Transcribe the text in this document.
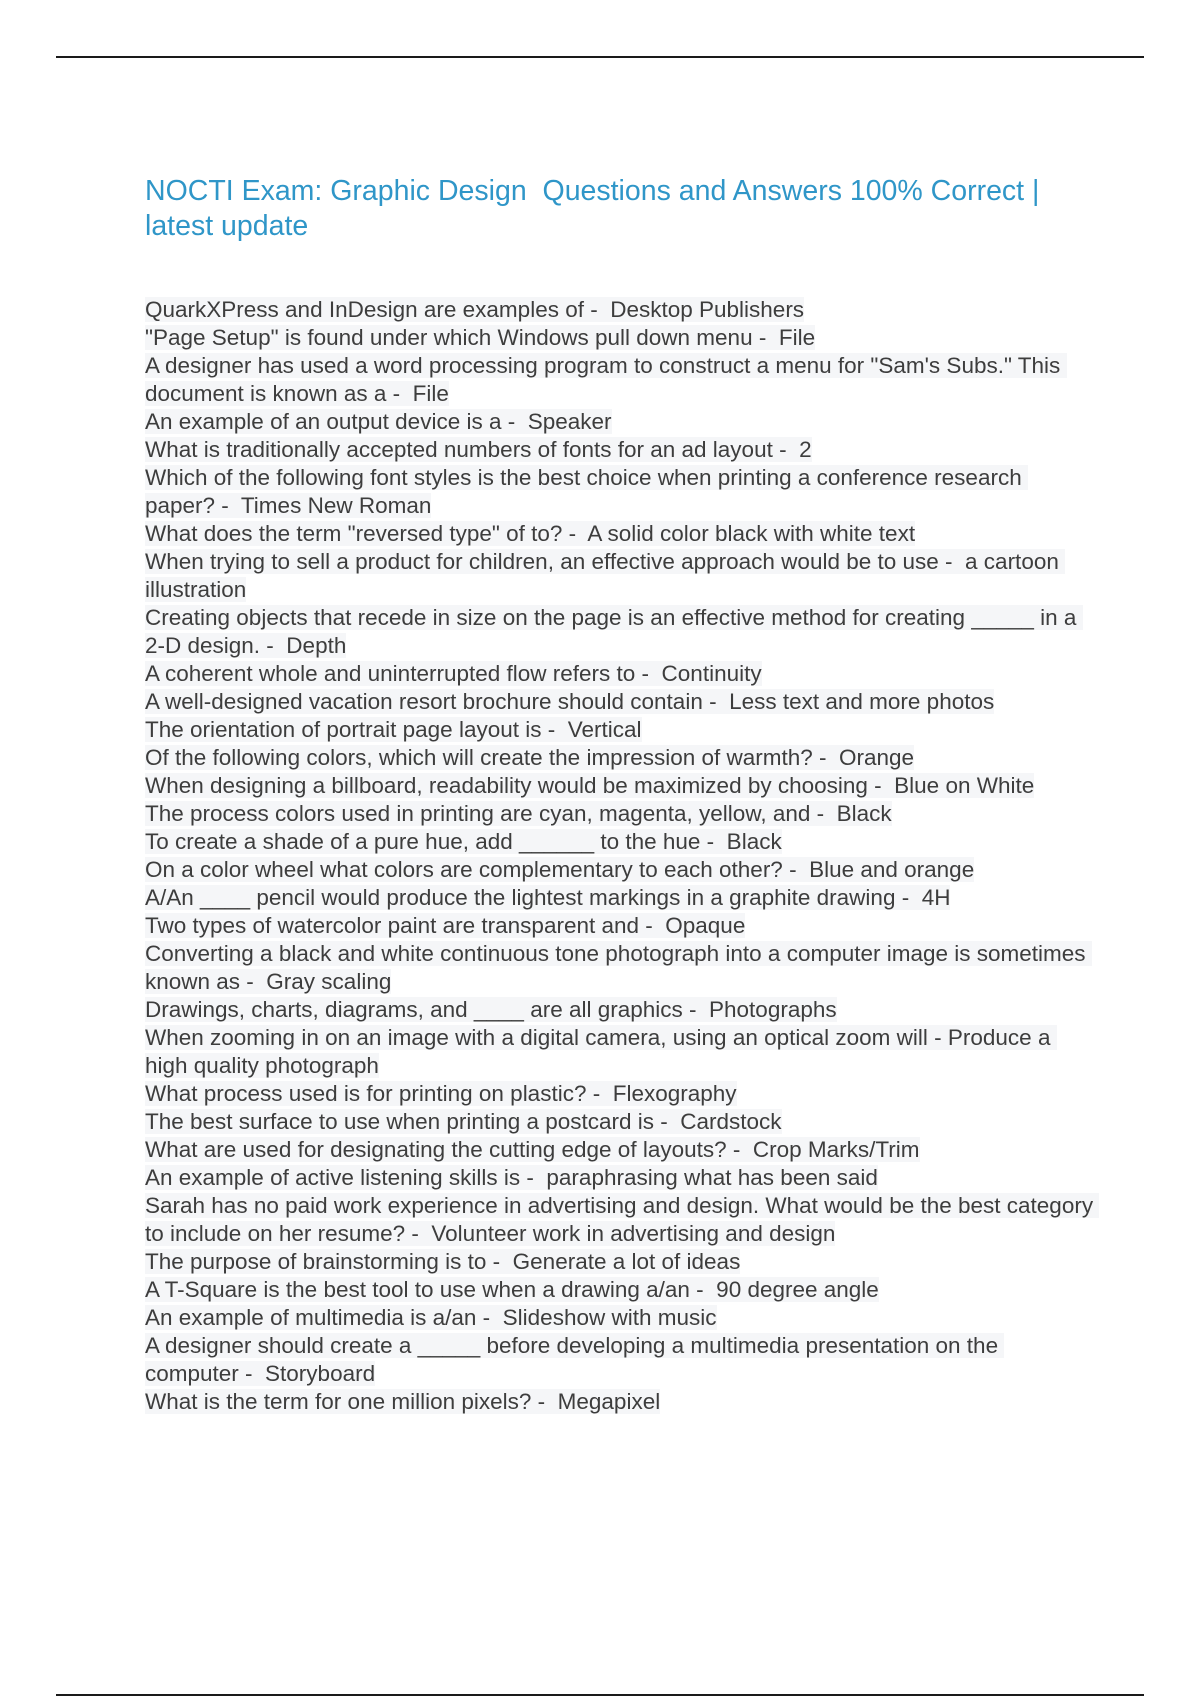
NOCTI Exam: Graphic Design  Questions and Answers 100% Correct | latest update
QuarkXPress and InDesign are examples of -  Desktop Publishers
"Page Setup" is found under which Windows pull down menu -  File
A designer has used a word processing program to construct a menu for "Sam's Subs." This document is known as a -  File
An example of an output device is a -  Speaker
What is traditionally accepted numbers of fonts for an ad layout -  2
Which of the following font styles is the best choice when printing a conference research paper? -  Times New Roman
What does the term "reversed type" of to? -  A solid color black with white text
When trying to sell a product for children, an effective approach would be to use -  a cartoon illustration
Creating objects that recede in size on the page is an effective method for creating _____ in a 2-D design. -  Depth
A coherent whole and uninterrupted flow refers to -  Continuity
A well-designed vacation resort brochure should contain -  Less text and more photos
The orientation of portrait page layout is -  Vertical
Of the following colors, which will create the impression of warmth? -  Orange
When designing a billboard, readability would be maximized by choosing -  Blue on White
The process colors used in printing are cyan, magenta, yellow, and -  Black
To create a shade of a pure hue, add ______ to the hue -  Black
On a color wheel what colors are complementary to each other? -  Blue and orange
A/An ____ pencil would produce the lightest markings in a graphite drawing -  4H
Two types of watercolor paint are transparent and -  Opaque
Converting a black and white continuous tone photograph into a computer image is sometimes known as -  Gray scaling
Drawings, charts, diagrams, and ____ are all graphics -  Photographs
When zooming in on an image with a digital camera, using an optical zoom will - Produce a high quality photograph
What process used is for printing on plastic? -  Flexography
The best surface to use when printing a postcard is -  Cardstock
What are used for designating the cutting edge of layouts? -  Crop Marks/Trim
An example of active listening skills is -  paraphrasing what has been said
Sarah has no paid work experience in advertising and design. What would be the best category to include on her resume? -  Volunteer work in advertising and design
The purpose of brainstorming is to -  Generate a lot of ideas
A T-Square is the best tool to use when a drawing a/an -  90 degree angle
An example of multimedia is a/an -  Slideshow with music
A designer should create a _____ before developing a multimedia presentation on the computer -  Storyboard
What is the term for one million pixels? -  Megapixel
